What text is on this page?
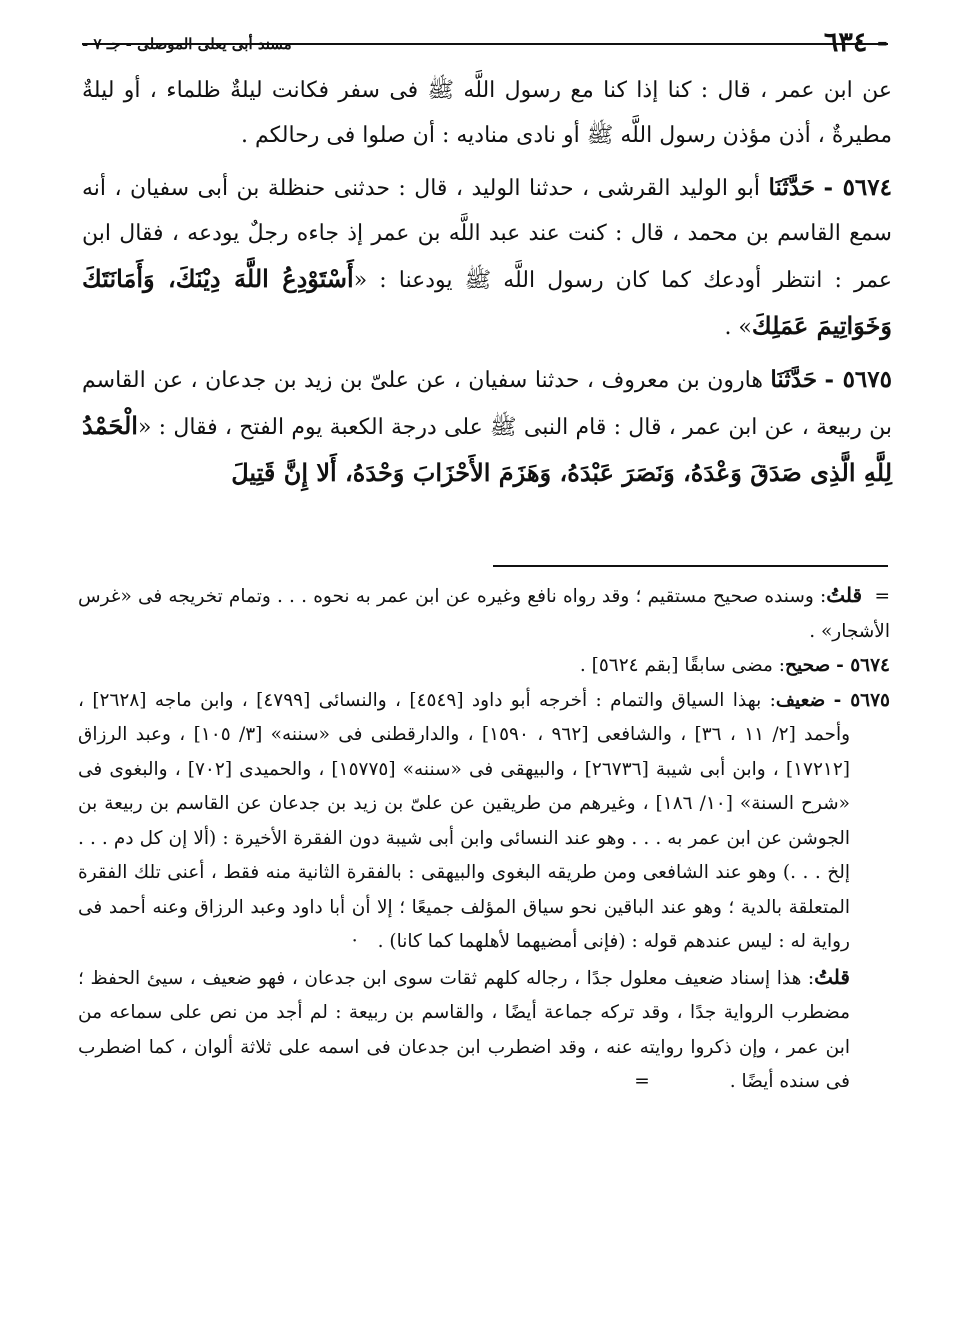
- ٦٣٤
مسند أبى يعلى الموصلى - جـ ٧ -

عن ابن عمر ، قال : كنا إذا كنا مع رسول اللَّه ﷺ فى سفر فكانت ليلةٌ ظلماء ، أو ليلةٌ مطيرةٌ ، أذن مؤذن رسول اللَّه ﷺ أو نادى مناديه : أن صلوا فى رحالكم .

٥٦٧٤ - حَدَّثَنَا أبو الوليد القرشى ، حدثنا الوليد ، قال : حدثنى حنظلة بن أبى سفيان ، أنه سمع القاسم بن محمد ، قال : كنت عند عبد اللَّه بن عمر إذ جاءه رجلٌ يودعه ، فقال ابن عمر : انتظر أودعك كما كان رسول اللَّه ﷺ يودعنا : «أَسْتَوْدِعُ اللَّهَ دِيْنَكَ، وَأَمَانَتَكَ وَخَوَاتِيمَ عَمَلِكَ» .

٥٦٧٥ - حَدَّثَنَا هارون بن معروف ، حدثنا سفيان ، عن علىّ بن زيد بن جدعان ، عن القاسم بن ربيعة ، عن ابن عمر ، قال : قام النبى ﷺ على درجة الكعبة يوم الفتح ، فقال : «الْحَمْدُ لِلَّهِ الَّذِى صَدَقَ وَعْدَهُ، وَنَصَرَ عَبْدَهُ، وَهَزَمَ الأَحْزَابَ وَحْدَهُ، أَلا إِنَّ قَتِيلَ

=  قلتُ: وسنده صحيح مستقيم ؛ وقد رواه نافع وغيره عن ابن عمر به نحوه . . . وتمام تخريجه فى «غرس الأشجار» .

٥٦٧٤ - صحيح: مضى سابقًا [بقم ٥٦٢٤] .

٥٦٧٥ - ضعيف: بهذا السياق والتمام : أخرجه أبو داود [٤٥٤٩] ، والنسائى [٤٧٩٩] ، وابن ماجه [٢٦٢٨] ، وأحمد [٢/ ١١ ، ٣٦] ، والشافعى [٩٦٢ ، ١٥٩٠] ، والدارقطنى فى «سننه» [٣/ ١٠٥] ، وعبد الرزاق [١٧٢١٢] ، وابن أبى شيبة [٢٦٧٣٦] ، والبيهقى فى «سننه» [١٥٧٧٥] ، والحميدى [٧٠٢] ، والبغوى فى «شرح السنة» [١٠/ ١٨٦] ، وغيرهم من طريقين عن علىّ بن زيد بن جدعان عن القاسم بن ربيعة بن الجوشن عن ابن عمر به . . . وهو عند النسائى وابن أبى شيبة دون الفقرة الأخيرة : (ألا إن كل دم . . . إلخ . . .) وهو عند الشافعى ومن طريقه البغوى والبيهقى : بالفقرة الثانية منه فقط ، أعنى تلك الفقرة المتعلقة بالدية ؛ وهو عند الباقين نحو سياق المؤلف جميعًا ؛ إلا أن أبا داود وعبد الرزاق وعنه أحمد فى رواية له : ليس عندهم قوله : (فإنى أمضيهما لأهلهما كما كانا) .·

قلتُ: هذا إسناد ضعيف معلول جدًا ، رجاله كلهم ثقات سوى ابن جدعان ، فهو ضعيف ، سيئ الحفظ ؛ مضطرب الرواية جدًا ، وقد تركه جماعة أيضًا ، والقاسم بن ربيعة : لم أجد من نص على سماعه من ابن عمر ، وإن ذكروا روايته عنه ، وقد اضطرب ابن جدعان فى اسمه على ثلاثة ألوان ، كما اضطرب فى سنده أيضًا .=
